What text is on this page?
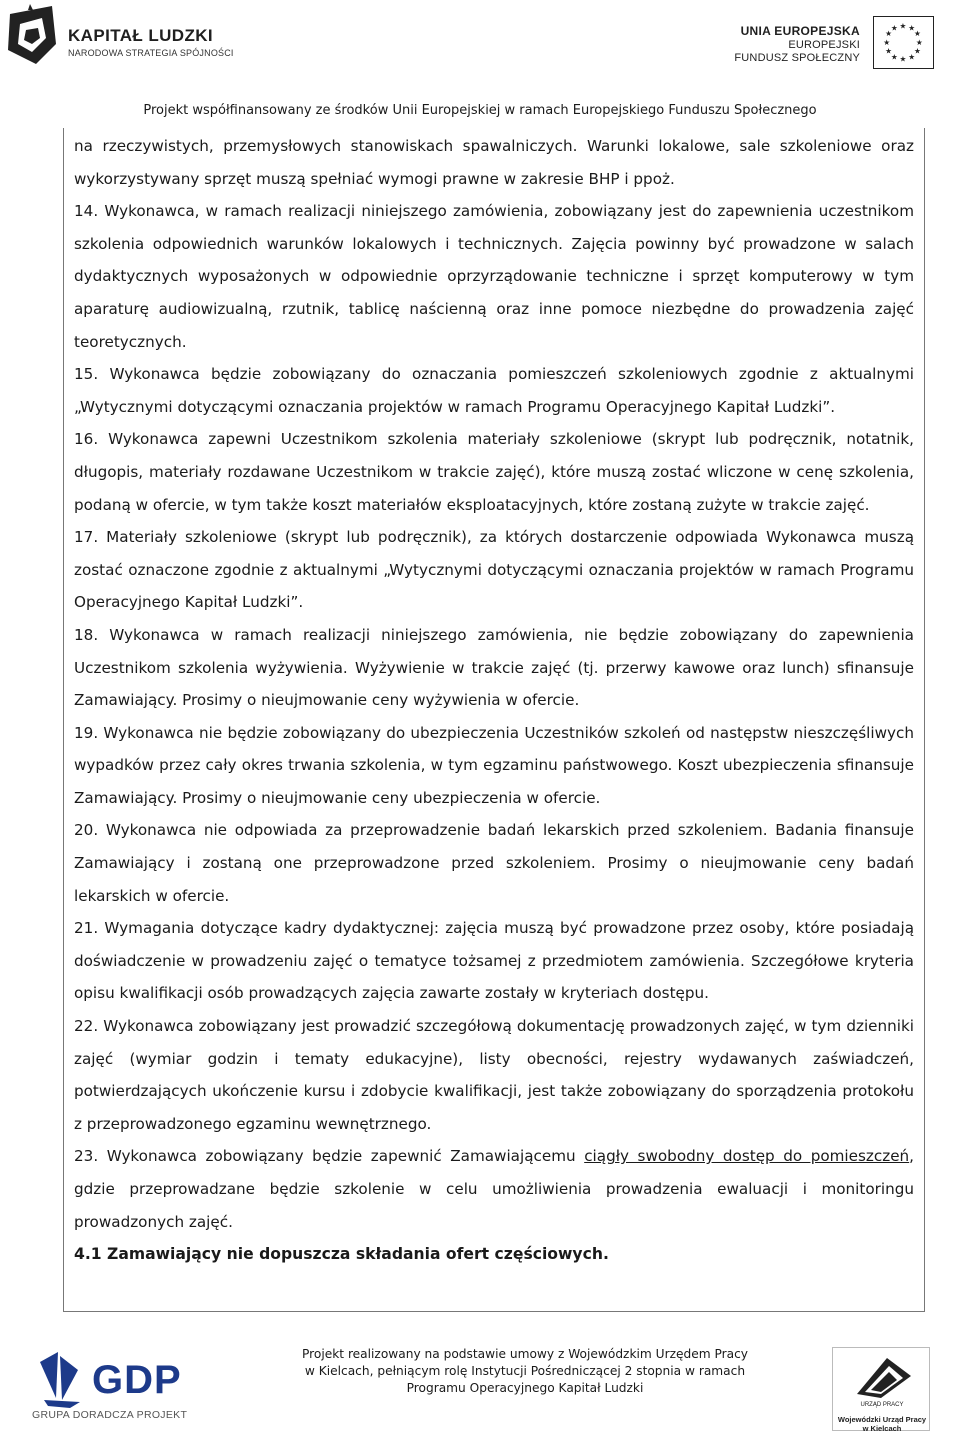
KAPITAŁ LUDZKI
NARODOWA STRATEGIA SPÓJNOŚCI
UNIA EUROPEJSKA
EUROPEJSKI
FUNDUSZ SPOŁECZNY
★ ★
★
★
★
★
★
★
★
★
★
★
Projekt współfinansowany ze środków Unii Europejskiej w ramach Europejskiego Funduszu Społecznego

na rzeczywistych, przemysłowych stanowiskach spawalniczych. Warunki lokalowe, sale szkoleniowe oraz wykorzystywany sprzęt muszą spełniać wymogi prawne w zakresie BHP i ppoż.

14. Wykonawca, w ramach realizacji niniejszego zamówienia, zobowiązany jest do zapewnienia uczestnikom szkolenia odpowiednich warunków lokalowych i technicznych. Zajęcia powinny być prowadzone w salach dydaktycznych wyposażonych w odpowiednie oprzyrządowanie techniczne i sprzęt komputerowy w tym aparaturę audiowizualną, rzutnik, tablicę naścienną oraz inne pomoce niezbędne do prowadzenia zajęć teoretycznych.

15. Wykonawca będzie zobowiązany do oznaczania pomieszczeń szkoleniowych zgodnie z aktualnymi „Wytycznymi dotyczącymi oznaczania projektów w ramach Programu Operacyjnego Kapitał Ludzki”.

16. Wykonawca zapewni Uczestnikom szkolenia materiały szkoleniowe (skrypt lub podręcznik, notatnik, długopis, materiały rozdawane Uczestnikom w trakcie zajęć), które muszą zostać wliczone w cenę szkolenia, podaną w ofercie, w tym także koszt materiałów eksploatacyjnych, które zostaną zużyte w trakcie zajęć.

17. Materiały szkoleniowe (skrypt lub podręcznik), za których dostarczenie odpowiada Wykonawca muszą zostać oznaczone zgodnie z aktualnymi „Wytycznymi dotyczącymi oznaczania projektów w ramach Programu Operacyjnego Kapitał Ludzki”.

18. Wykonawca w ramach realizacji niniejszego zamówienia, nie będzie zobowiązany do zapewnienia Uczestnikom szkolenia wyżywienia. Wyżywienie w trakcie zajęć (tj. przerwy kawowe oraz lunch) sfinansuje Zamawiający. Prosimy o nieujmowanie ceny wyżywienia w ofercie.

19. Wykonawca nie będzie zobowiązany do ubezpieczenia Uczestników szkoleń od następstw nieszczęśliwych wypadków przez cały okres trwania szkolenia, w tym egzaminu państwowego. Koszt ubezpieczenia sfinansuje Zamawiający. Prosimy o nieujmowanie ceny ubezpieczenia w ofercie.

20. Wykonawca nie odpowiada za przeprowadzenie badań lekarskich przed szkoleniem. Badania finansuje Zamawiający i zostaną one przeprowadzone przed szkoleniem. Prosimy o nieujmowanie ceny badań lekarskich w ofercie.

21. Wymagania dotyczące kadry dydaktycznej: zajęcia muszą być prowadzone przez osoby, które posiadają doświadczenie w prowadzeniu zajęć o tematyce tożsamej z przedmiotem zamówienia. Szczegółowe kryteria opisu kwalifikacji osób prowadzących zajęcia zawarte zostały w kryteriach dostępu.

22. Wykonawca zobowiązany jest prowadzić szczegółową dokumentację prowadzonych zajęć, w tym dzienniki zajęć (wymiar godzin i tematy edukacyjne), listy obecności, rejestry wydawanych zaświadczeń, potwierdzających ukończenie kursu i zdobycie kwalifikacji, jest także zobowiązany do sporządzenia protokołu z przeprowadzonego egzaminu wewnętrznego.

23. Wykonawca zobowiązany będzie zapewnić Zamawiającemu ciągły swobodny dostęp do pomieszczeń, gdzie przeprowadzane będzie szkolenie w celu umożliwienia prowadzenia ewaluacji i monitoringu prowadzonych zajęć.

4.1 Zamawiający nie dopuszcza składania ofert częściowych.

GDP
GRUPA DORADCZA PROJEKT
Projekt realizowany na podstawie umowy z Wojewódzkim Urzędem Pracy
w Kielcach, pełniącym rolę Instytucji Pośredniczącej 2 stopnia w ramach
Programu Operacyjnego Kapitał Ludzki
URZĄD PRACY
Wojewódzki Urząd Pracy
w Kielcach
